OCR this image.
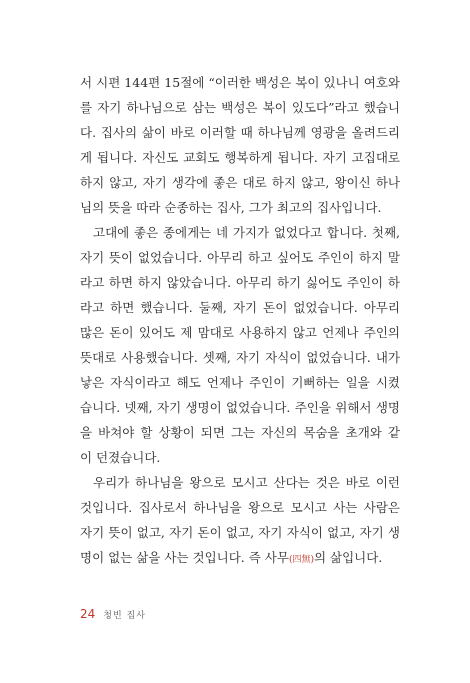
서 시편 144편 15절에 “이러한 백성은 복이 있나니 여호와
를 자기 하나님으로 삼는 백성은 복이 있도다”라고 했습니
다. 집사의 삶이 바로 이러할 때 하나님께 영광을 올려드리
게 됩니다. 자신도 교회도 행복하게 됩니다. 자기 고집대로
하지 않고, 자기 생각에 좋은 대로 하지 않고, 왕이신 하나
님의 뜻을 따라 순종하는 집사, 그가 최고의 집사입니다.
고대에 좋은 종에게는 네 가지가 없었다고 합니다. 첫째,
자기 뜻이 없었습니다. 아무리 하고 싶어도 주인이 하지 말
라고 하면 하지 않았습니다. 아무리 하기 싫어도 주인이 하
라고 하면 했습니다. 둘째, 자기 돈이 없었습니다. 아무리
많은 돈이 있어도 제 맘대로 사용하지 않고 언제나 주인의
뜻대로 사용했습니다. 셋째, 자기 자식이 없었습니다. 내가
낳은 자식이라고 해도 언제나 주인이 기뻐하는 일을 시켰
습니다. 넷째, 자기 생명이 없었습니다. 주인을 위해서 생명
을 바쳐야 할 상황이 되면 그는 자신의 목숨을 초개와 같
이 던졌습니다.
우리가 하나님을 왕으로 모시고 산다는 것은 바로 이런
것입니다. 집사로서 하나님을 왕으로 모시고 사는 사람은
자기 뜻이 없고, 자기 돈이 없고, 자기 자식이 없고, 자기 생
명이 없는 삶을 사는 것입니다. 즉 사무(四無)의 삶입니다.
24 청빈 집사
